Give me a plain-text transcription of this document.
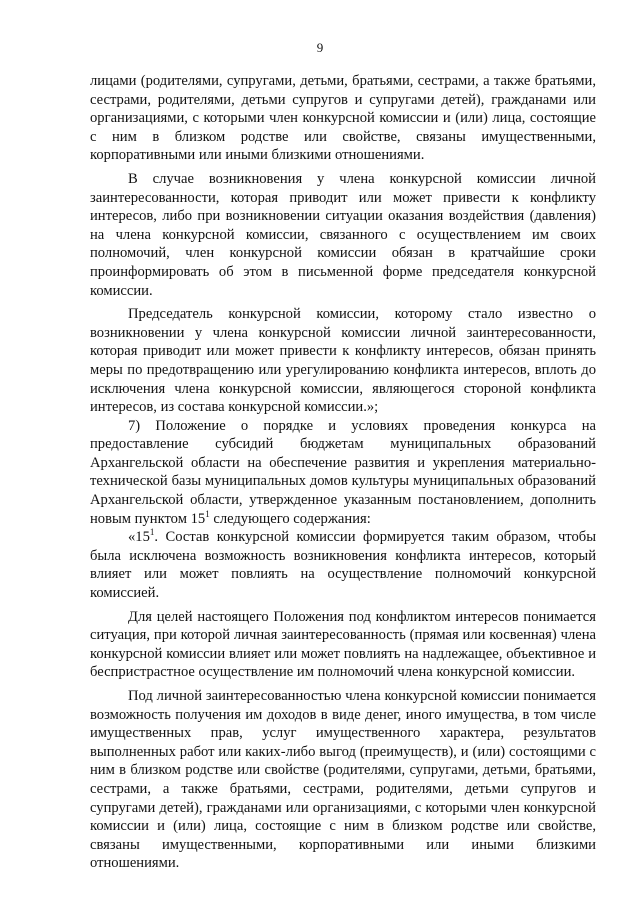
9

лицами (родителями, супругами, детьми, братьями, сестрами, а также братьями, сестрами, родителями, детьми супругов и супругами детей), гражданами или организациями, с которыми член конкурсной комиссии и (или) лица, состоящие с ним в близком родстве или свойстве, связаны имущественными, корпоративными или иными близкими отношениями.

В случае возникновения у члена конкурсной комиссии личной заинтересованности, которая приводит или может привести к конфликту интересов, либо при возникновении ситуации оказания воздействия (давления) на члена конкурсной комиссии, связанного с осуществлением им своих полномочий, член конкурсной комиссии обязан в кратчайшие сроки проинформировать об этом в письменной форме председателя конкурсной комиссии.

Председатель конкурсной комиссии, которому стало известно о возникновении у члена конкурсной комиссии личной заинтересованности, которая приводит или может привести к конфликту интересов, обязан принять меры по предотвращению или урегулированию конфликта интересов, вплоть до исключения члена конкурсной комиссии, являющегося стороной конфликта интересов, из состава конкурсной комиссии.»;

7) Положение о порядке и условиях проведения конкурса на предоставление субсидий бюджетам муниципальных образований Архангельской области на обеспечение развития и укрепления материально-технической базы муниципальных домов культуры муниципальных образований Архангельской области, утвержденное указанным постановлением, дополнить новым пунктом $15^1$ следующего содержания:

«$15^1$. Состав конкурсной комиссии формируется таким образом, чтобы была исключена возможность возникновения конфликта интересов, который влияет или может повлиять на осуществление полномочий конкурсной комиссией.

Для целей настоящего Положения под конфликтом интересов понимается ситуация, при которой личная заинтересованность (прямая или косвенная) члена конкурсной комиссии влияет или может повлиять на надлежащее, объективное и беспристрастное осуществление им полномочий члена конкурсной комиссии.

Под личной заинтересованностью члена конкурсной комиссии понимается возможность получения им доходов в виде денег, иного имущества, в том числе имущественных прав, услуг имущественного характера, результатов выполненных работ или каких-либо выгод (преимуществ), и (или) состоящими с ним в близком родстве или свойстве (родителями, супругами, детьми, братьями, сестрами, а также братьями, сестрами, родителями, детьми супругов и супругами детей), гражданами или организациями, с которыми член конкурсной комиссии и (или) лица, состоящие с ним в близком родстве или свойстве, связаны имущественными, корпоративными или иными близкими отношениями.
